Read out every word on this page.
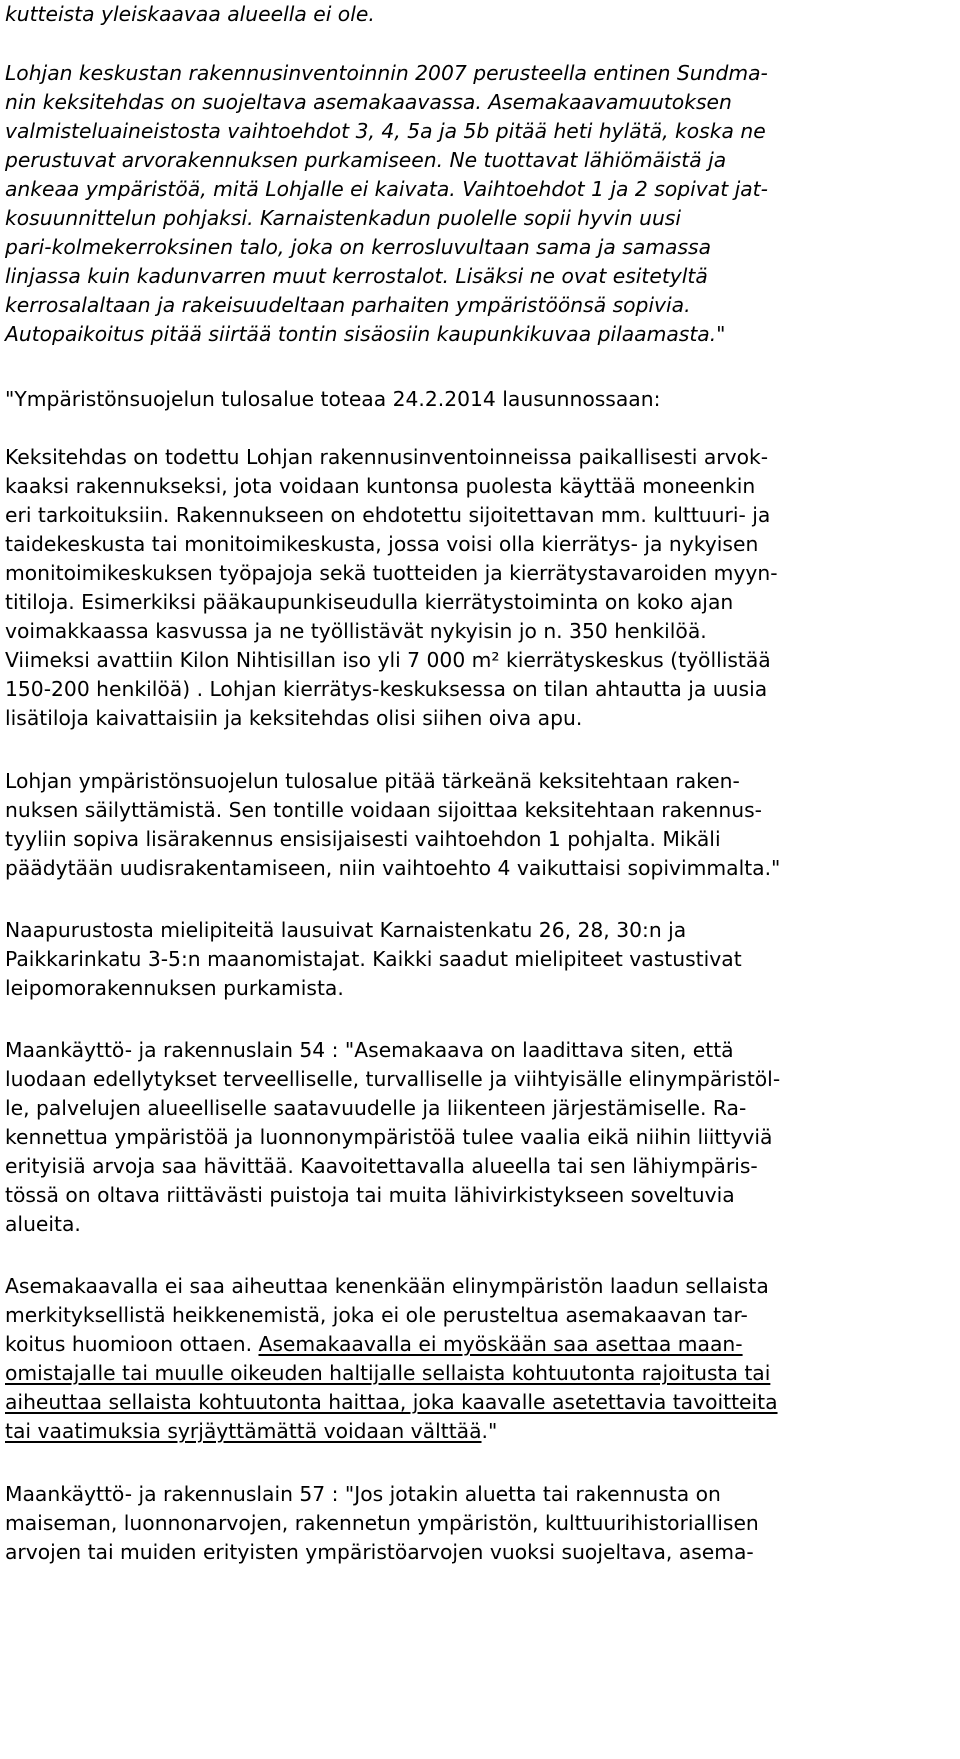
kutteista yleiskaavaa alueella ei ole.
Lohjan keskustan rakennusinventoinnin 2007 perusteella entinen Sundma-
nin keksitehdas on suojeltava asemakaavassa. Asemakaavamuutoksen
valmisteluaineistosta vaihtoehdot 3, 4, 5a ja 5b pitää heti hylätä, koska ne
perustuvat arvorakennuksen purkamiseen. Ne tuottavat lähiömäistä ja
ankeaa ympäristöä, mitä Lohjalle ei kaivata. Vaihtoehdot 1 ja 2 sopivat jat-
kosuunnittelun pohjaksi. Karnaistenkadun puolelle sopii hyvin uusi
pari-kolmekerroksinen talo, joka on kerrosluvultaan sama ja samassa
linjassa kuin kadunvarren muut kerrostalot. Lisäksi ne ovat esitetyltä
kerrosalaltaan ja rakeisuudeltaan parhaiten ympäristöönsä sopivia.
Autopaikoitus pitää siirtää tontin sisäosiin kaupunkikuvaa pilaamasta."
"Ympäristönsuojelun tulosalue toteaa 24.2.2014 lausunnossaan:
Keksitehdas on todettu Lohjan rakennusinventoinneissa paikallisesti arvok-
kaaksi rakennukseksi, jota voidaan kuntonsa puolesta käyttää moneenkin
eri tarkoituksiin. Rakennukseen on ehdotettu sijoitettavan mm. kulttuuri- ja
taidekeskusta tai monitoimikeskusta, jossa voisi olla kierrätys- ja nykyisen
monitoimikeskuksen työpajoja sekä tuotteiden ja kierrätystavaroiden myyn-
titiloja. Esimerkiksi pääkaupunkiseudulla kierrätystoiminta on koko ajan
voimakkaassa kasvussa ja ne työllistävät nykyisin jo n. 350 henkilöä.
Viimeksi avattiin Kilon Nihtisillan iso yli 7 000 m² kierrätyskeskus (työllistää
150-200 henkilöä) . Lohjan kierrätys-keskuksessa on tilan ahtautta ja uusia
lisätiloja kaivattaisiin ja keksitehdas olisi siihen oiva apu.
Lohjan ympäristönsuojelun tulosalue pitää tärkeänä keksitehtaan raken-
nuksen säilyttämistä. Sen tontille voidaan sijoittaa keksitehtaan rakennus-
tyyliin sopiva lisärakennus ensisijaisesti vaihtoehdon 1 pohjalta. Mikäli
päädytään uudisrakentamiseen, niin vaihtoehto 4 vaikuttaisi sopivimmalta."
Naapurustosta mielipiteitä lausuivat Karnaistenkatu 26, 28, 30:n ja
Paikkarinkatu 3-5:n maanomistajat. Kaikki saadut mielipiteet vastustivat
leipomorakennuksen purkamista.
Maankäyttö- ja rakennuslain 54 : "Asemakaava on laadittava siten, että
luodaan edellytykset terveelliselle, turvalliselle ja viihtyisälle elinympäristöl-
le, palvelujen alueelliselle saatavuudelle ja liikenteen järjestämiselle. Ra-
kennettua ympäristöä ja luonnonympäristöä tulee vaalia eikä niihin liittyviä
erityisiä arvoja saa hävittää. Kaavoitettavalla alueella tai sen lähiympäris-
tössä on oltava riittävästi puistoja tai muita lähivirkistykseen soveltuvia
alueita.
Asemakaavalla ei saa aiheuttaa kenenkään elinympäristön laadun sellaista
merkityksellistä heikkenemistä, joka ei ole perusteltua asemakaavan tar-
koitus huomioon ottaen. Asemakaavalla ei myöskään saa asettaa maan-
omistajalle tai muulle oikeuden haltijalle sellaista kohtuutonta rajoitusta tai
aiheuttaa sellaista kohtuutonta haittaa, joka kaavalle asetettavia tavoitteita
tai vaatimuksia syrjäyttämättä voidaan välttää."
Maankäyttö- ja rakennuslain 57 : "Jos jotakin aluetta tai rakennusta on
maiseman, luonnonarvojen, rakennetun ympäristön, kulttuurihistoriallisen
arvojen tai muiden erityisten ympäristöarvojen vuoksi suojeltava, asema-
